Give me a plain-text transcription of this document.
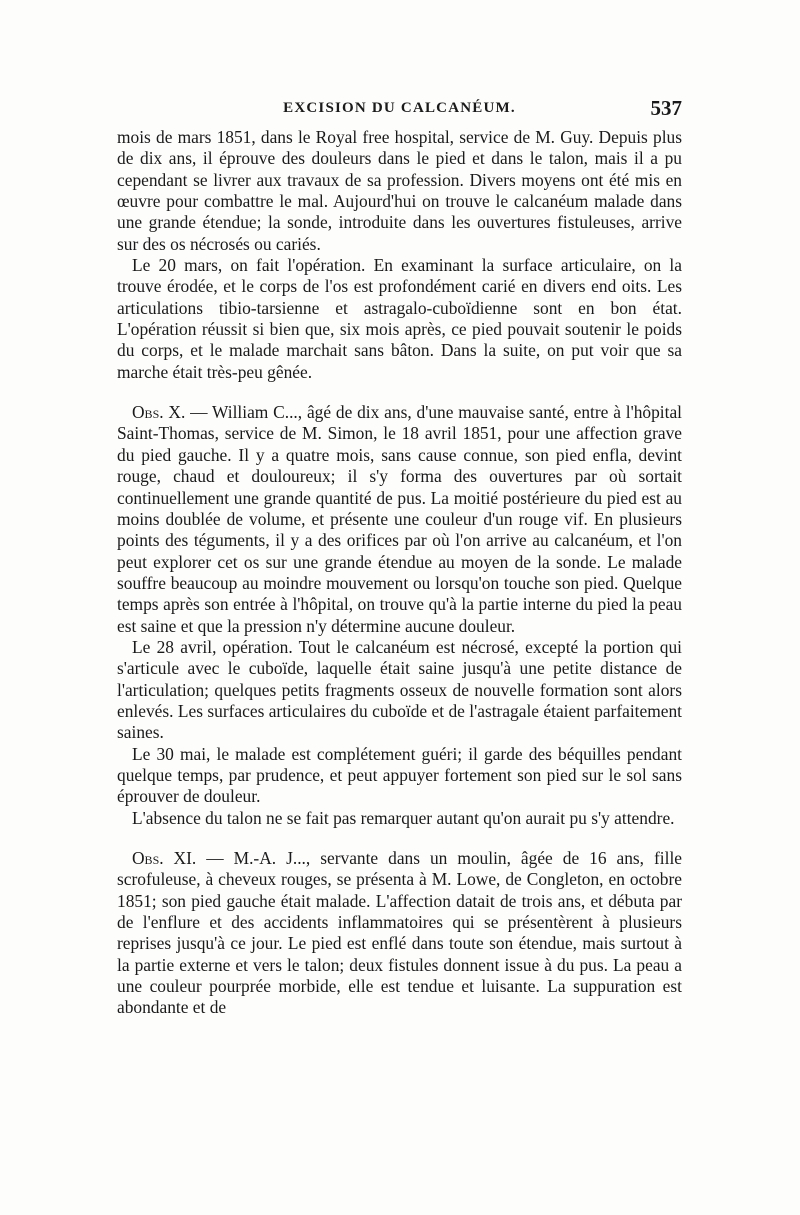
EXCISION DU CALCANÉUM.	537

mois de mars 1851, dans le Royal free hospital, service de M. Guy. Depuis plus de dix ans, il éprouve des douleurs dans le pied et dans le talon, mais il a pu cependant se livrer aux travaux de sa profession. Divers moyens ont été mis en œuvre pour combattre le mal. Aujourd'hui on trouve le calcanéum malade dans une grande étendue; la sonde, introduite dans les ouvertures fistuleuses, arrive sur des os nécrosés ou cariés.

Le 20 mars, on fait l'opération. En examinant la surface articulaire, on la trouve érodée, et le corps de l'os est profondément carié en divers end oits. Les articulations tibio-tarsienne et astragalo-cuboïdienne sont en bon état. L'opération réussit si bien que, six mois après, ce pied pouvait soutenir le poids du corps, et le malade marchait sans bâton. Dans la suite, on put voir que sa marche était très-peu gênée.

Obs. X. — William C..., âgé de dix ans, d'une mauvaise santé, entre à l'hôpital Saint-Thomas, service de M. Simon, le 18 avril 1851, pour une affection grave du pied gauche. Il y a quatre mois, sans cause connue, son pied enfla, devint rouge, chaud et douloureux; il s'y forma des ouvertures par où sortait continuellement une grande quantité de pus. La moitié postérieure du pied est au moins doublée de volume, et présente une couleur d'un rouge vif. En plusieurs points des téguments, il y a des orifices par où l'on arrive au calcanéum, et l'on peut explorer cet os sur une grande étendue au moyen de la sonde. Le malade souffre beaucoup au moindre mouvement ou lorsqu'on touche son pied. Quelque temps après son entrée à l'hôpital, on trouve qu'à la partie interne du pied la peau est saine et que la pression n'y détermine aucune douleur.

Le 28 avril, opération. Tout le calcanéum est nécrosé, excepté la portion qui s'articule avec le cuboïde, laquelle était saine jusqu'à une petite distance de l'articulation; quelques petits fragments osseux de nouvelle formation sont alors enlevés. Les surfaces articulaires du cuboïde et de l'astragale étaient parfaitement saines.

Le 30 mai, le malade est complétement guéri; il garde des béquilles pendant quelque temps, par prudence, et peut appuyer fortement son pied sur le sol sans éprouver de douleur.

L'absence du talon ne se fait pas remarquer autant qu'on aurait pu s'y attendre.

Obs. XI. — M.-A. J..., servante dans un moulin, âgée de 16 ans, fille scrofuleuse, à cheveux rouges, se présenta à M. Lowe, de Congleton, en octobre 1851; son pied gauche était malade. L'affection datait de trois ans, et débuta par de l'enflure et des accidents inflammatoires qui se présentèrent à plusieurs reprises jusqu'à ce jour. Le pied est enflé dans toute son étendue, mais surtout à la partie externe et vers le talon; deux fistules donnent issue à du pus. La peau a une couleur pourprée morbide, elle est tendue et luisante. La suppuration est abondante et de
